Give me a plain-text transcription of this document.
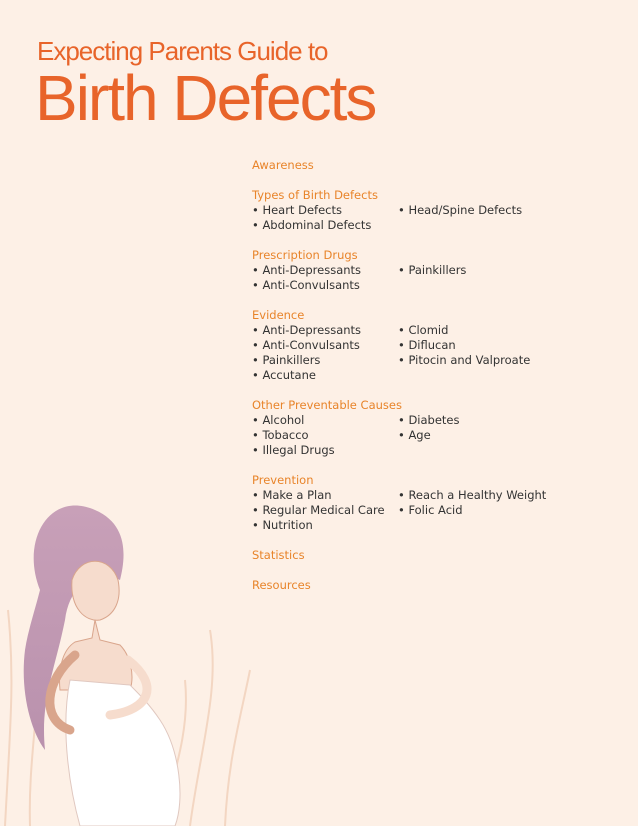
Expecting Parents Guide to
Birth Defects
Awareness
Types of Birth Defects
• Heart Defects
• Abdominal Defects
• Head/Spine Defects
Prescription Drugs
• Anti-Depressants
• Anti-Convulsants
• Painkillers
Evidence
• Anti-Depressants
• Anti-Convulsants
• Painkillers
• Accutane
• Clomid
• Diflucan
• Pitocin and Valproate
Other Preventable Causes
• Alcohol
• Tobacco
• Illegal Drugs
• Diabetes
• Age
Prevention
• Make a Plan
• Regular Medical Care
• Nutrition
• Reach a Healthy Weight
• Folic Acid
Statistics
Resources
